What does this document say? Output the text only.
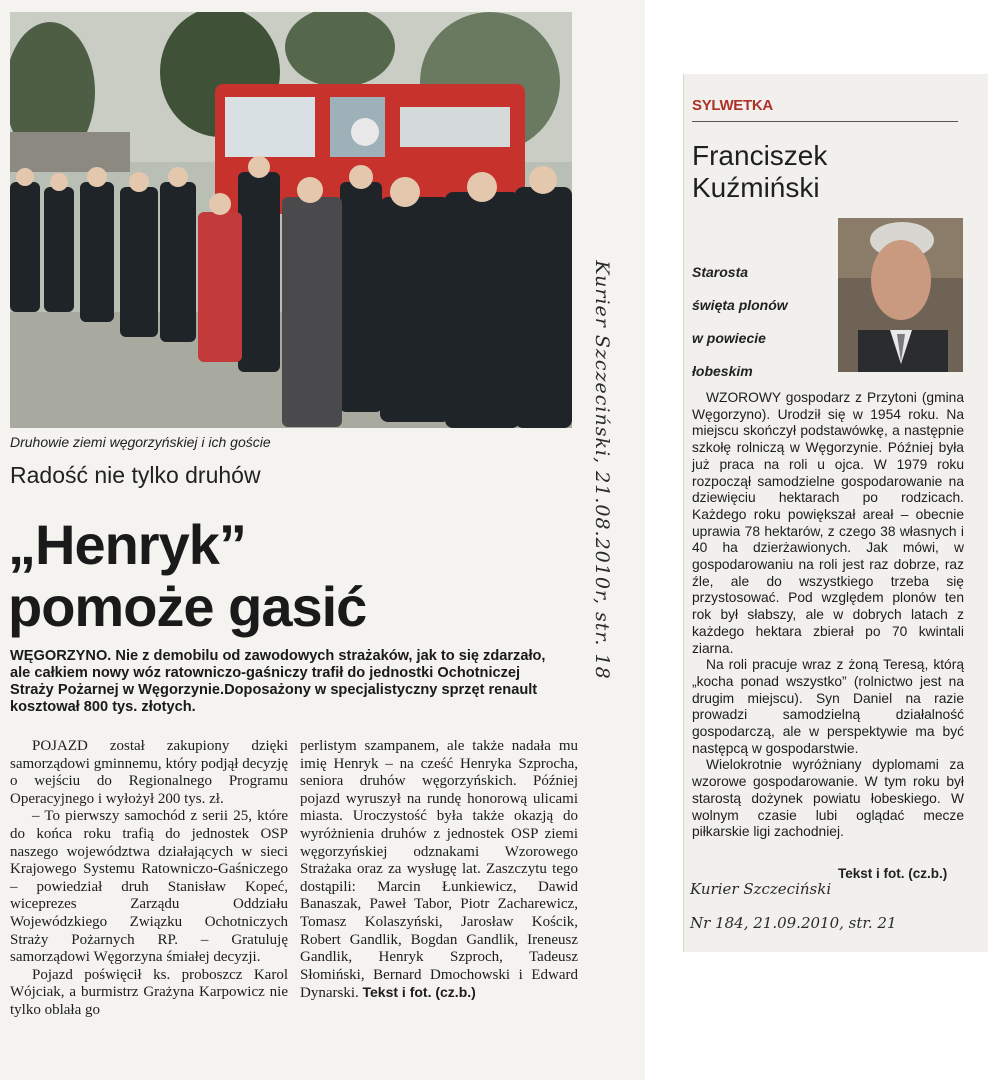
Druhowie ziemi węgorzyńskiej i ich goście
Radość nie tylko druhów
„Henryk”
pomoże gasić
WĘGORZYNO. Nie z demobilu od zawodowych strażaków, jak to się zdarzało, ale całkiem nowy wóz ratowniczo-gaśniczy trafił do jednostki Ochotniczej Straży Pożarnej w Węgorzynie.Doposażony w specjalistyczny sprzęt renault kosztował 800 tys. złotych.

POJAZD został zakupiony dzięki samorządowi gminnemu, który podjął decyzję o wejściu do Regionalnego Programu Operacyjnego i wyłożył 200 tys. zł.

– To pierwszy samochód z serii 25, które do końca roku trafią do jednostek OSP naszego województwa działających w sieci Krajowego Systemu Ratowniczo-Gaśniczego – powiedział druh Stanisław Kopeć, wiceprezes Zarządu Oddziału Wojewódzkiego Związku Ochotniczych Straży Pożarnych RP. – Gratuluję samorządowi Węgorzyna śmiałej decyzji.

Pojazd poświęcił ks. proboszcz Karol Wójciak, a burmistrz Grażyna Karpowicz nie tylko oblała go

perlistym szampanem, ale także nadała mu imię Henryk – na cześć Henryka Szprocha, seniora druhów węgorzyńskich. Później pojazd wyruszył na rundę honorową ulicami miasta. Uroczystość była także okazją do wyróżnienia druhów z jednostek OSP ziemi węgorzyńskiej odznakami Wzorowego Strażaka oraz za wysługę lat. Zaszczytu tego dostąpili: Marcin Łunkiewicz, Dawid Banaszak, Paweł Tabor, Piotr Zacharewicz, Tomasz Kolaszyński, Jarosław Kościk, Robert Gandlik, Bogdan Gandlik, Ireneusz Gandlik, Henryk Szproch, Tadeusz Słomiński, Bernard Dmochowski i Edward Dynarski. Tekst i fot. (cz.b.)

Kurier Szczeciński, 21.08.2010r, str. 18
SYLWETKA
Franciszek
Kuźmiński
Starosta
święta plonów
w powiecie
łobeskim

WZOROWY gospodarz z Przytoni (gmina Węgorzyno). Urodził się w 1954 roku. Na miejscu skończył podstawówkę, a następnie szkołę rolniczą w Węgorzynie. Później była już praca na roli u ojca. W 1979 roku rozpoczął samodzielne gospodarowanie na dziewięciu hektarach po rodzicach. Każdego roku powiększał areał – obecnie uprawia 78 hektarów, z czego 38 własnych i 40 ha dzierżawionych. Jak mówi, w gospodarowaniu na roli jest raz dobrze, raz źle, ale do wszystkiego trzeba się przystosować. Pod względem plonów ten rok był słabszy, ale w dobrych latach z każdego hektara zbierał po 70 kwintali ziarna.

Na roli pracuje wraz z żoną Teresą, którą „kocha ponad wszystko” (rolnictwo jest na drugim miejscu). Syn Daniel na razie prowadzi samodzielną działalność gospodarczą, ale w perspektywie ma być następcą w gospodarstwie.

Wielokrotnie wyróżniany dyplomami za wzorowe gospodarowanie. W tym roku był starostą dożynek powiatu łobeskiego. W wolnym czasie lubi oglądać mecze piłkarskie ligi zachodniej.

Tekst i fot. (cz.b.)
Kurier Szczeciński
Nr 184, 21.09.2010, str. 21
